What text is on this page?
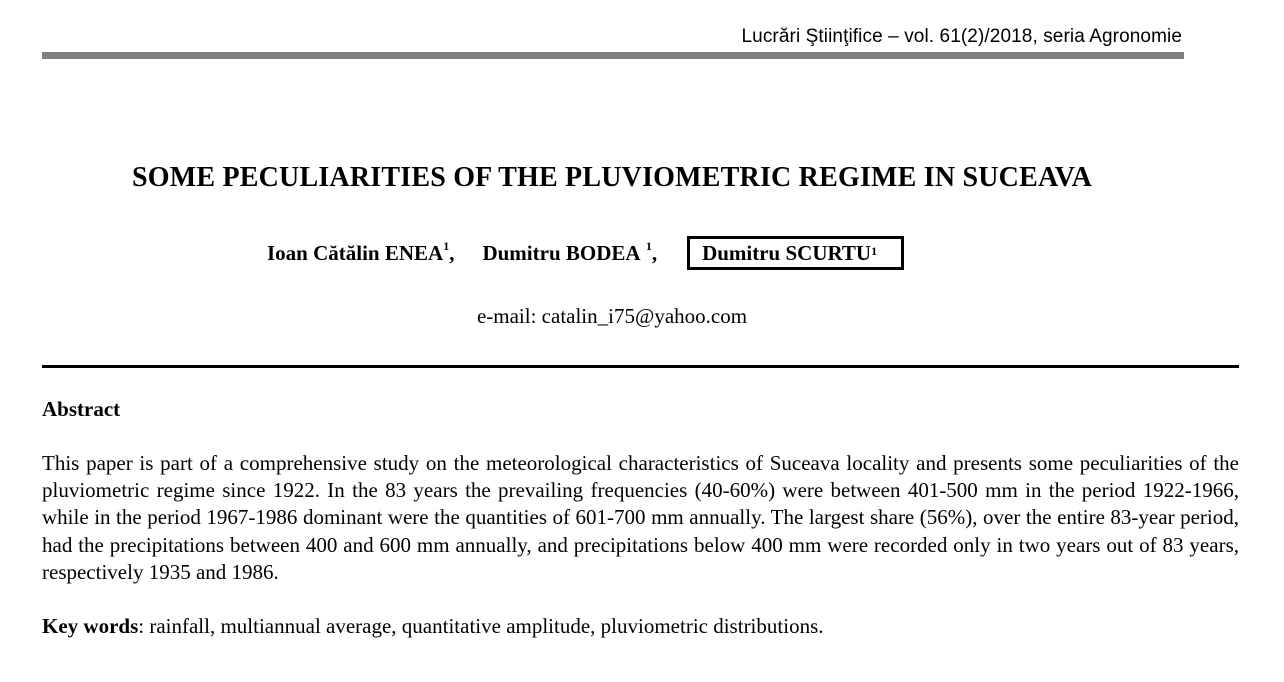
Lucrări Ştiinţifice – vol. 61(2)/2018, seria Agronomie
SOME PECULIARITIES OF THE PLUVIOMETRIC REGIME IN SUCEAVA
Ioan Cătălin ENEA$^1$, Dumitru BODEA $^1$, Dumitru SCURTU$^1$
e-mail: catalin_i75@yahoo.com
Abstract
This paper is part of a comprehensive study on the meteorological characteristics of Suceava locality and presents some peculiarities of the pluviometric regime since 1922. In the 83 years the prevailing frequencies (40-60%) were between 401-500 mm in the period 1922-1966, while in the period 1967-1986 dominant were the quantities of 601-700 mm annually. The largest share (56%), over the entire 83-year period, had the precipitations between 400 and 600 mm annually, and precipitations below 400 mm were recorded only in two years out of 83 years, respectively 1935 and 1986.
Key words: rainfall, multiannual average, quantitative amplitude, pluviometric distributions.
